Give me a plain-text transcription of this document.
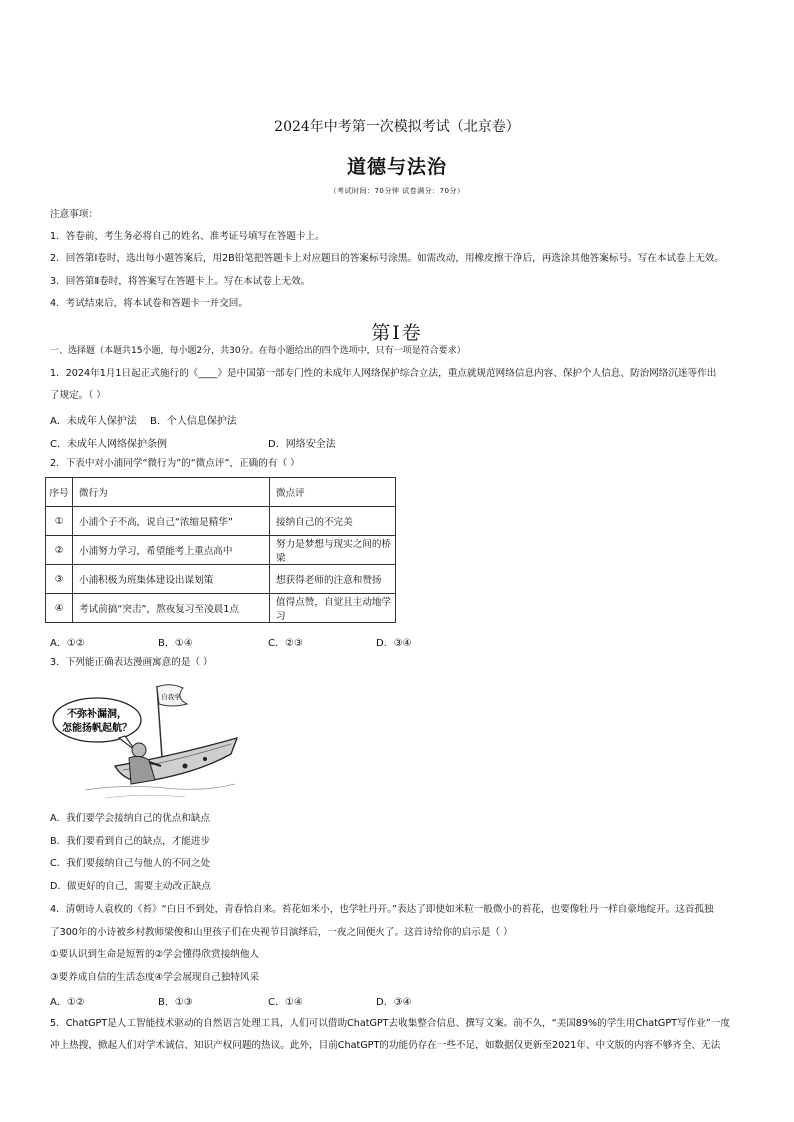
2024年中考第一次模拟考试（北京卷）
道德与法治
（考试时间：70分钟 试卷满分：70分）
注意事项：
1．答卷前，考生务必将自己的姓名、准考证号填写在答题卡上。
2．回答第Ⅰ卷时，选出每小题答案后，用2B铅笔把答题卡上对应题目的答案标号涂黑。如需改动，用橡皮擦干净后，再选涂其他答案标号。写在本试卷上无效。
3．回答第Ⅱ卷时，将答案写在答题卡上。写在本试卷上无效。
4．考试结束后，将本试卷和答题卡一并交回。
第Ⅰ卷
一、选择题（本题共15小题，每小题2分，共30分。在每小题给出的四个选项中，只有一项是符合要求）
1．2024年1月1日起正式施行的《____》是中国第一部专门性的未成年人网络保护综合立法，重点就规范网络信息内容、保护个人信息、防治网络沉迷等作出
了规定。（ ）
A．未成年人保护法 B．个人信息保护法
C．未成年人网络保护条例	D．网络安全法
2．下表中对小浦同学“微行为”的“微点评”，正确的有（ ）
序号	微行为	微点评
①	小浦个子不高，说自己“浓缩是精华”	接纳自己的不完美
②	小浦努力学习，希望能考上重点高中	努力是梦想与现实之间的桥梁
③	小浦积极为班集体建设出谋划策	想获得老师的注意和赞扬
④	考试前搞“突击”，熬夜复习至凌晨1点	值得点赞，自觉且主动地学习
A．①②	B．①④	C．②③	D．③④
3．下列能正确表达漫画寓意的是（ ）
不弥补漏洞，
怎能扬帆起航？
自我学
A．我们要学会接纳自己的优点和缺点
B．我们要看到自己的缺点，才能进步
C．我们要接纳自己与他人的不同之处
D．做更好的自己，需要主动改正缺点
4．清朝诗人袁枚的《苔》“白日不到处，青春恰自来。苔花如米小，也学牡丹开。”表达了即使如米粒一般微小的苔花，也要像牡丹一样自豪地绽开。这首孤独
了300年的小诗被乡村教师梁俊和山里孩子们在央视节目演绎后，一夜之间便火了。这首诗给你的启示是（ ）
①要认识到生命是短暂的②学会懂得欣赏接纳他人
③要养成自信的生活态度④学会展现自己独特风采
A．①②	B．①③	C．①④	D．③④
5．ChatGPT是人工智能技术驱动的自然语言处理工具，人们可以借助ChatGPT去收集整合信息、撰写文案。前不久，“美国89%的学生用ChatGPT写作业”一度
冲上热搜，掀起人们对学术诚信、知识产权问题的热议。此外，目前ChatGPT的功能仍存在一些不足，如数据仅更新至2021年、中文版的内容不够齐全、无法
